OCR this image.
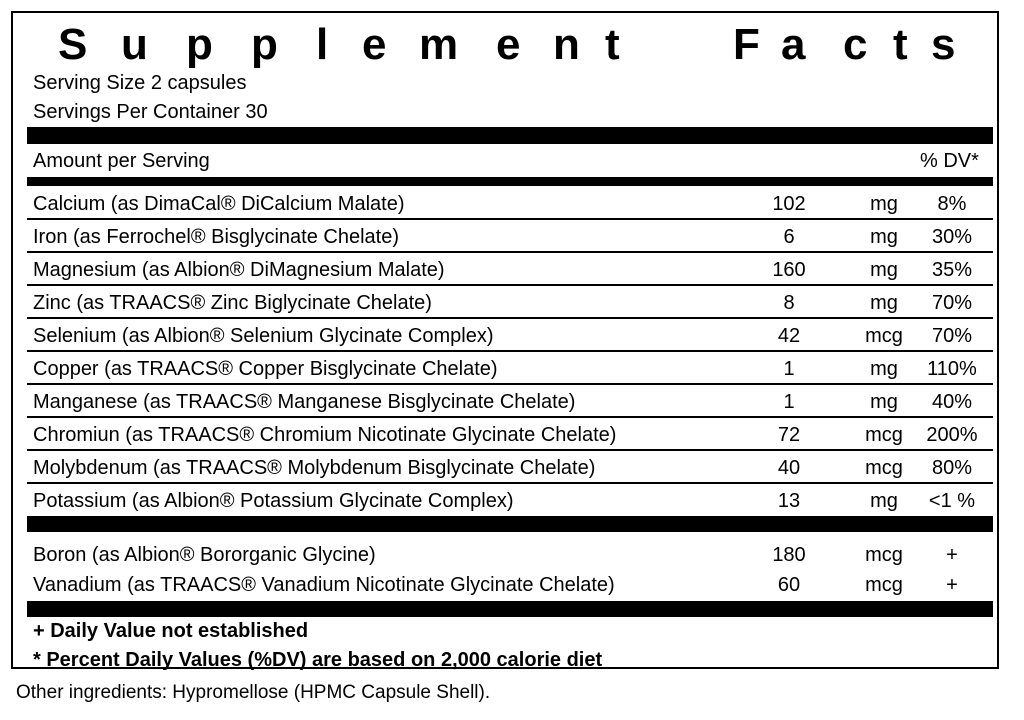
S u p p l e m e n t	F a c t s
Serving Size 2 capsules
Servings Per Container 30
Amount per Serving	% DV*
Calcium (as DimaCal® DiCalcium Malate)	102	mg	8%
Iron (as Ferrochel® Bisglycinate Chelate)	6	mg	30%
Magnesium (as Albion® DiMagnesium Malate)	160	mg	35%
Zinc (as TRAACS® Zinc Biglycinate Chelate)	8	mg	70%
Selenium (as Albion® Selenium Glycinate Complex)	42	mcg	70%
Copper (as TRAACS® Copper Bisglycinate Chelate)	1	mg	110%
Manganese (as TRAACS® Manganese Bisglycinate Chelate)	1	mg	40%
Chromiun (as TRAACS® Chromium Nicotinate Glycinate Chelate)	72	mcg	200%
Molybdenum (as TRAACS® Molybdenum Bisglycinate Chelate)	40	mcg	80%
Potassium (as Albion® Potassium Glycinate Complex)	13	mg	<1 %
Boron (as Albion® Bororganic Glycine)	180	mcg	+
Vanadium (as TRAACS® Vanadium Nicotinate Glycinate Chelate)	60	mcg	+
+ Daily Value not established
* Percent Daily Values (%DV) are based on 2,000 calorie diet
Other ingredients: Hypromellose (HPMC Capsule Shell).
